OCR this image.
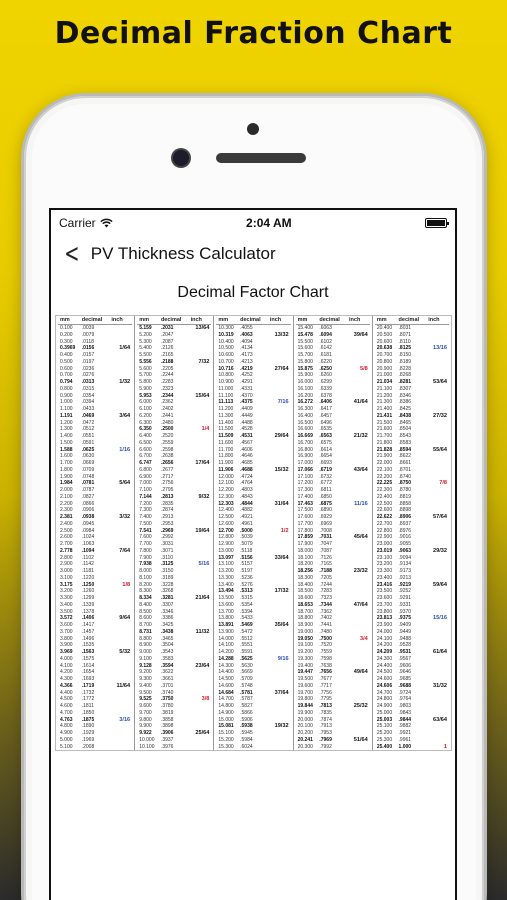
Decimal Fraction Chart
Carrier	2:04 AM
< PV Thickness Calculator
Decimal Factor Chart
mm	decimal	inch
0.100	.0039
0.200	.0079
0.300	.0118
0.3969	.0156	1/64
0.400	.0157
0.500	.0197
0.600	.0236
0.700	.0276
0.794	.0313	1/32
0.800	.0315
0.900	.0354
1.000	.0394
1.100	.0433
1.191	.0469	3/64
1.200	.0472
1.300	.0512
1.400	.0551
1.500	.0591
1.588	.0625	1/16
1.600	.0630
1.700	.0669
1.800	.0709
1.900	.0748
1.984	.0781	5/64
2.000	.0787
2.100	.0827
2.200	.0866
2.300	.0906
2.381	.0938	3/32
2.400	.0945
2.500	.0984
2.600	.1024
2.700	.1063
2.778	.1094	7/64
2.800	.1102
2.900	.1142
3.000	.1181
3.100	.1220
3.175	.1250	1/8
3.200	.1260
3.300	.1299
3.400	.1339
3.500	.1378
3.572	.1406	9/64
3.600	.1417
3.700	.1457
3.800	.1496
3.900	.1535
3.969	.1563	5/32
4.000	.1575
4.100	.1614
4.200	.1654
4.300	.1693
4.366	.1719	11/64
4.400	.1732
4.500	.1772
4.600	.1811
4.700	.1850
4.763	.1875	3/16
4.800	.1890
4.900	.1929
5.000	.1969
5.100	.2008
mm	decimal	inch
5.159	.2031	13/64
5.200	.2047
5.300	.2087
5.400	.2126
5.500	.2165
5.556	.2188	7/32
5.600	.2205
5.700	.2244
5.800	.2283
5.900	.2323
5.953	.2344	15/64
6.000	.2362
6.100	.2402
6.200	.2441
6.300	.2480
6.350	.2500	1/4
6.400	.2520
6.500	.2559
6.600	.2598
6.700	.2638
6.747	.2656	17/64
6.800	.2677
6.900	.2717
7.000	.2756
7.100	.2795
7.144	.2813	9/32
7.200	.2835
7.300	.2874
7.400	.2913
7.500	.2953
7.541	.2969	19/64
7.600	.2992
7.700	.3031
7.800	.3071
7.900	.3110
7.938	.3125	5/16
8.000	.3150
8.100	.3189
8.200	.3228
8.300	.3268
8.334	.3281	21/64
8.400	.3307
8.500	.3346
8.600	.3386
8.700	.3425
8.731	.3438	11/32
8.800	.3465
8.900	.3504
9.000	.3543
9.100	.3583
9.128	.3594	23/64
9.200	.3622
9.300	.3661
9.400	.3701
9.500	.3740
9.525	.3750	3/8
9.600	.3780
9.700	.3819
9.800	.3858
9.900	.3898
9.922	.3906	25/64
10.000	.3937
10.100	.3976
mm	decimal	inch
10.300	.4055
10.319	.4063	13/32
10.400	.4094
10.500	.4134
10.600	.4173
10.700	.4213
10.716	.4219	27/64
10.800	.4252
10.900	.4291
11.000	.4331
11.100	.4370
11.113	.4375	7/16
11.200	.4409
11.300	.4449
11.400	.4488
11.500	.4528
11.509	.4531	29/64
11.600	.4567
11.700	.4606
11.800	.4646
11.900	.4685
11.906	.4688	15/32
12.000	.4724
12.100	.4764
12.200	.4803
12.300	.4843
12.303	.4844	31/64
12.400	.4882
12.500	.4921
12.600	.4961
12.700	.5000	1/2
12.800	.5039
12.900	.5079
13.000	.5118
13.097	.5156	33/64
13.100	.5157
13.200	.5197
13.300	.5236
13.400	.5276
13.494	.5313	17/32
13.500	.5315
13.600	.5354
13.700	.5394
13.800	.5433
13.891	.5469	35/64
13.900	.5472
14.000	.5512
14.100	.5551
14.200	.5591
14.288	.5625	9/16
14.300	.5630
14.400	.5669
14.500	.5709
14.600	.5748
14.684	.5781	37/64
14.700	.5787
14.800	.5827
14.900	.5866
15.000	.5906
15.081	.5938	19/32
15.100	.5945
15.200	.5984
15.300	.6024
mm	decimal	inch
15.400	.6063
15.478	.6094	39/64
15.500	.6102
15.600	.6142
15.700	.6181
15.800	.6220
15.875	.6250	5/8
15.900	.6260
16.000	.6299
16.100	.6339
16.200	.6378
16.272	.6406	41/64
16.300	.6417
16.400	.6457
16.500	.6496
16.600	.6535
16.669	.6563	21/32
16.700	.6575
16.800	.6614
16.900	.6654
17.000	.6693
17.066	.6719	43/64
17.100	.6732
17.200	.6772
17.300	.6811
17.400	.6850
17.463	.6875	11/16
17.500	.6890
17.600	.6929
17.700	.6969
17.800	.7008
17.859	.7031	45/64
17.900	.7047
18.000	.7087
18.100	.7126
18.200	.7165
18.256	.7188	23/32
18.300	.7205
18.400	.7244
18.500	.7283
18.600	.7323
18.653	.7344	47/64
18.700	.7362
18.800	.7402
18.900	.7441
19.000	.7480
19.050	.7500	3/4
19.100	.7520
19.200	.7559
19.300	.7598
19.400	.7638
19.447	.7656	49/64
19.500	.7677
19.600	.7717
19.700	.7756
19.800	.7795
19.844	.7813	25/32
19.900	.7835
20.000	.7874
20.100	.7913
20.200	.7953
20.241	.7969	51/64
20.300	.7992
mm	decimal	inch
20.400	.8031
20.500	.8071
20.600	.8110
20.638	.8125	13/16
20.700	.8150
20.800	.8189
20.900	.8228
21.000	.8268
21.034	.8281	53/64
21.100	.8307
21.200	.8346
21.300	.8386
21.400	.8425
21.431	.8438	27/32
21.500	.8465
21.600	.8504
21.700	.8543
21.800	.8583
21.828	.8594	55/64
21.900	.8622
22.000	.8661
22.100	.8701
22.200	.8740
22.225	.8750	7/8
22.300	.8780
22.400	.8819
22.500	.8858
22.600	.8898
22.622	.8906	57/64
22.700	.8937
22.800	.8976
22.900	.9016
23.000	.9055
23.019	.9063	29/32
23.100	.9094
23.200	.9134
23.300	.9173
23.400	.9213
23.416	.9219	59/64
23.500	.9252
23.600	.9291
23.700	.9331
23.800	.9370
23.813	.9375	15/16
23.900	.9409
24.000	.9449
24.100	.9488
24.200	.9528
24.209	.9531	61/64
24.300	.9567
24.400	.9606
24.500	.9646
24.600	.9685
24.606	.9688	31/32
24.700	.9724
24.800	.9764
24.900	.9803
25.000	.9843
25.003	.9844	63/64
25.100	.9882
25.200	.9921
25.300	.9961
25.400	1.000	1
